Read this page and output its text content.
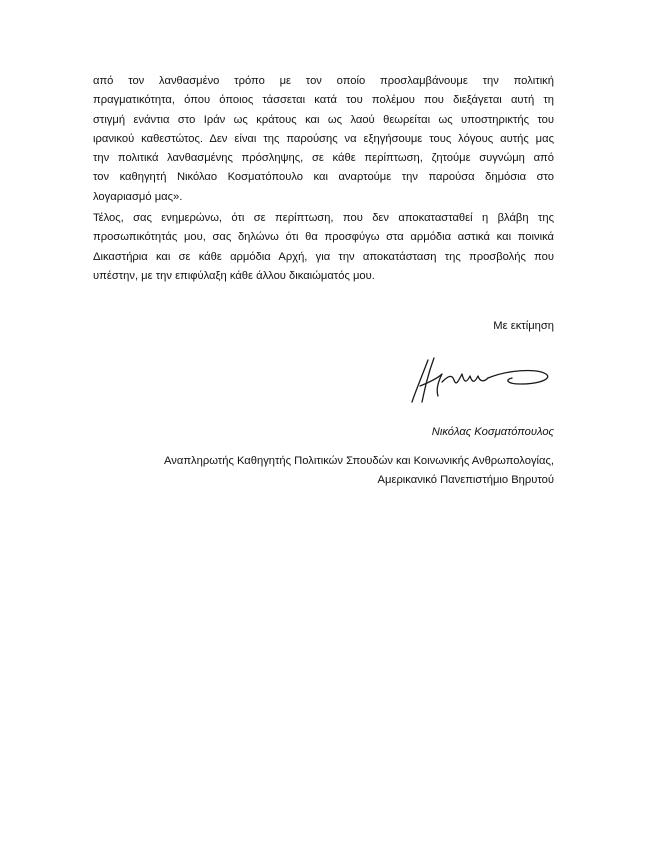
από τον λανθασμένο τρόπο με τον οποίο προσλαμβάνουμε την πολιτική
πραγματικότητα, όπου όποιος τάσσεται κατά του πολέμου που διεξάγεται αυτή τη
στιγμή ενάντια στο Ιράν ως κράτους και ως λαού θεωρείται ως υποστηρικτής του
ιρανικού καθεστώτος. Δεν είναι της παρούσης να εξηγήσουμε τους λόγους αυτής μας
την πολιτικά λανθασμένης πρόσληψης, σε κάθε περίπτωση, ζητούμε συγνώμη από
τον καθηγητή Νικόλαο Κοσματόπουλο και αναρτούμε την παρούσα δημόσια στο
λογαριασμό μας».
Τέλος, σας ενημερώνω, ότι σε περίπτωση, που δεν αποκατασταθεί η βλάβη της
προσωπικότητάς μου, σας δηλώνω ότι θα προσφύγω στα αρμόδια αστικά και ποινικά
Δικαστήρια και σε κάθε αρμόδια Αρχή, για την αποκατάσταση της προσβολής που
υπέστην, με την επιφύλαξη κάθε άλλου δικαιώματός μου.
Με εκτίμηση
Νικόλας Κοσματόπουλος
Αναπληρωτής Καθηγητής Πολιτικών Σπουδών και Κοινωνικής Ανθρωπολογίας,
Αμερικανικό Πανεπιστήμιο Βηρυτού
